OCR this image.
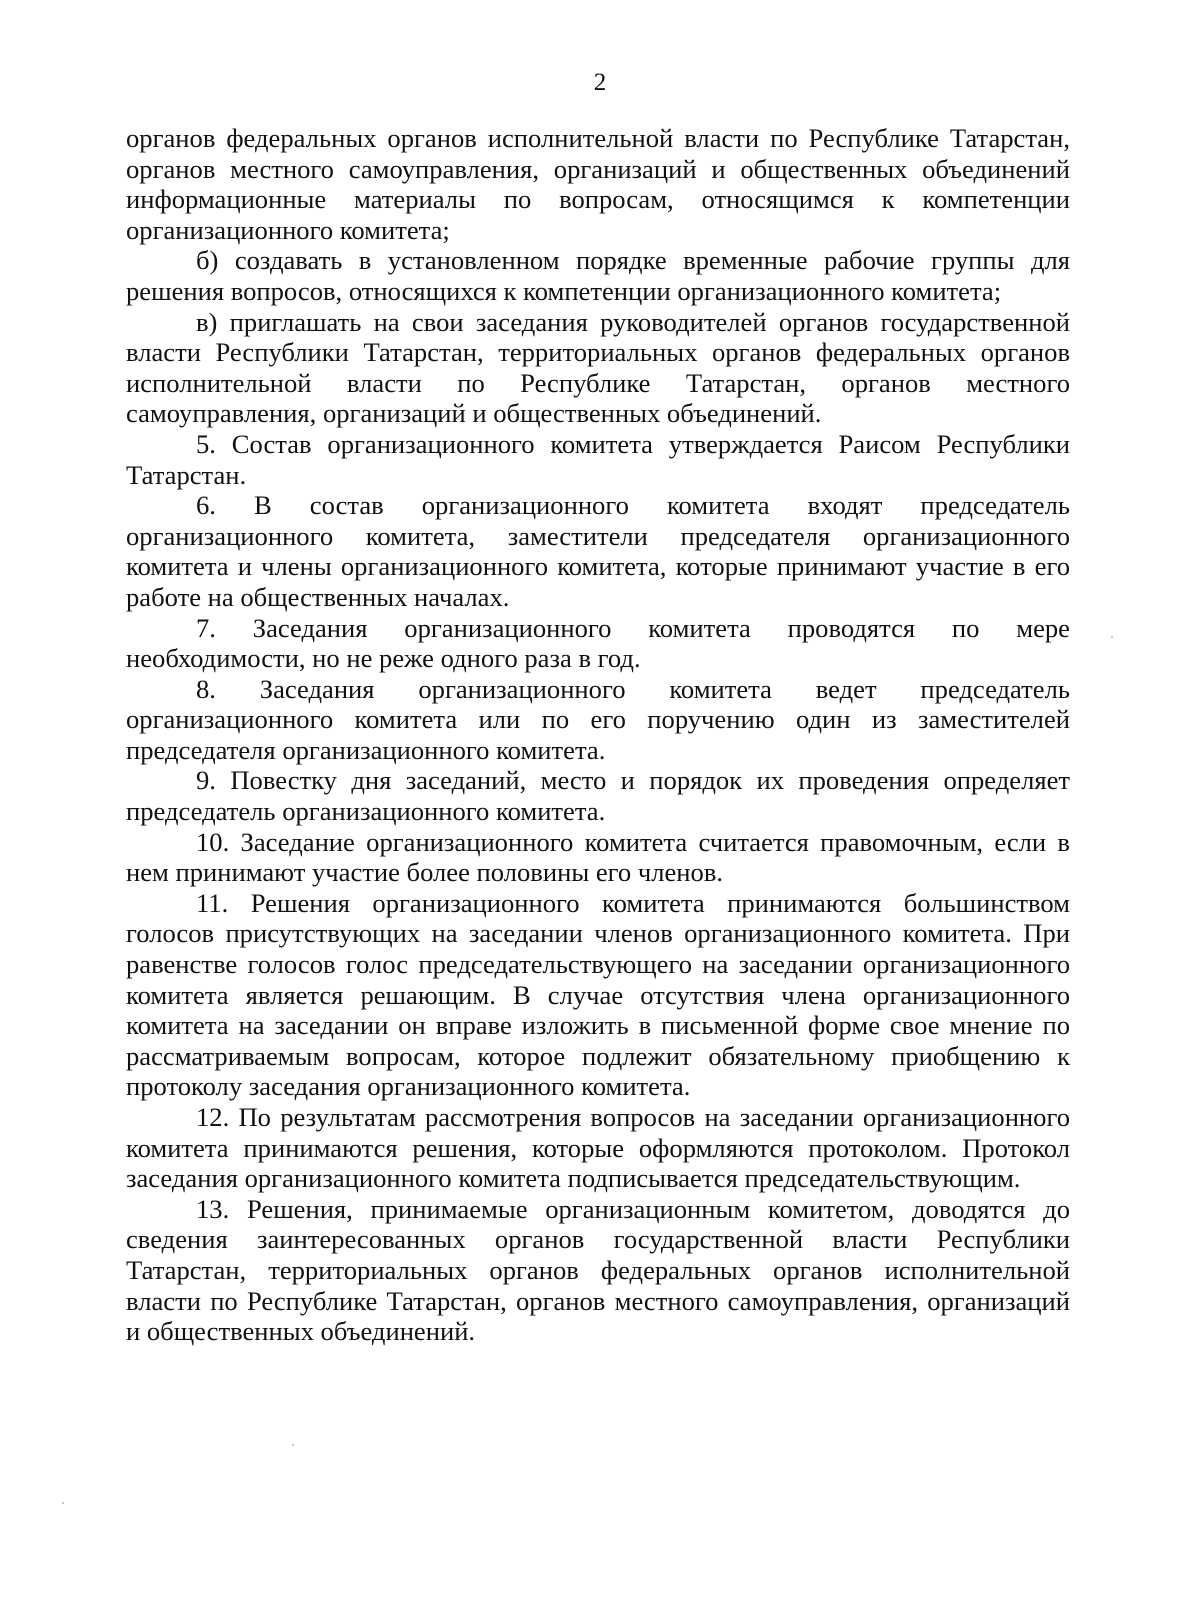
2

органов федеральных органов исполнительной власти по Республике Татарстан, органов местного самоуправления, организаций и общественных объединений информационные материалы по вопросам, относящимся к компетенции организационного комитета;

б) создавать в установленном порядке временные рабочие группы для решения вопросов, относящихся к компетенции организационного комитета;

в) приглашать на свои заседания руководителей органов государственной власти Республики Татарстан, территориальных органов федеральных органов исполнительной власти по Республике Татарстан, органов местного самоуправления, организаций и общественных объединений.

5. Состав организационного комитета утверждается Раисом Республики Татарстан.

6. В состав организационного комитета входят председатель организационного комитета, заместители председателя организационного комитета и члены организационного комитета, которые принимают участие в его работе на общественных началах.

7. Заседания организационного комитета проводятся по мере необходимости, но не реже одного раза в год.

8. Заседания организационного комитета ведет председатель организационного комитета или по его поручению один из заместителей председателя организационного комитета.

9. Повестку дня заседаний, место и порядок их проведения определяет председатель организационного комитета.

10. Заседание организационного комитета считается правомочным, если в нем принимают участие более половины его членов.

11. Решения организационного комитета принимаются большинством голосов присутствующих на заседании членов организационного комитета. При равенстве голосов голос председательствующего на заседании организационного комитета является решающим. В случае отсутствия члена организационного комитета на заседании он вправе изложить в письменной форме свое мнение по рассматриваемым вопросам, которое подлежит обязательному приобщению к протоколу заседания организационного комитета.

12. По результатам рассмотрения вопросов на заседании организационного комитета принимаются решения, которые оформляются протоколом. Протокол заседания организационного комитета подписывается председательствующим.

13. Решения, принимаемые организационным комитетом, доводятся до сведения заинтересованных органов государственной власти Республики Татарстан, территориальных органов федеральных органов исполнительной власти по Республике Татарстан, органов местного самоуправления, организаций и общественных объединений.
